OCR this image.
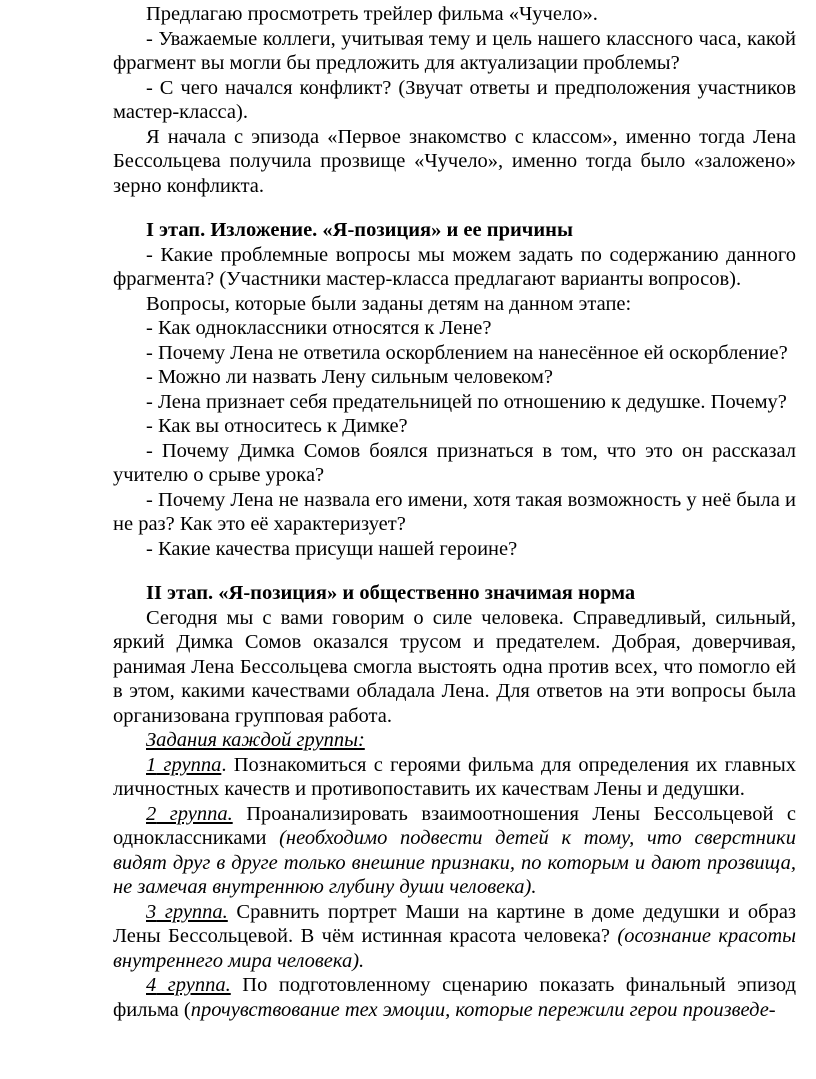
Предлагаю просмотреть трейлер фильма «Чучело».

- Уважаемые коллеги, учитывая тему и цель нашего классного часа, какой фрагмент вы могли бы предложить для актуализации проблемы?

- С чего начался конфликт? (Звучат ответы и предположения участников мастер-класса).

Я начала с эпизода «Первое знакомство с классом», именно тогда Лена Бессольцева получила прозвище «Чучело», именно тогда было «заложено» зерно конфликта.

I этап. Изложение. «Я-позиция» и ее причины

- Какие проблемные вопросы мы можем задать по содержанию данного фрагмента? (Участники мастер-класса предлагают варианты вопросов).

Вопросы, которые были заданы детям на данном этапе:

- Как одноклассники относятся к Лене?

- Почему Лена не ответила оскорблением на нанесённое ей оскорбление?

- Можно ли назвать Лену сильным человеком?

- Лена признает себя предательницей по отношению к дедушке. Почему?

- Как вы относитесь к Димке?

- Почему Димка Сомов боялся признаться в том, что это он рассказал учителю о срыве урока?

- Почему Лена не назвала его имени, хотя такая возможность у неё была и не раз? Как это её характеризует?

- Какие качества присущи нашей героине?

II этап. «Я-позиция» и общественно значимая норма

Сегодня мы с вами говорим о силе человека. Справедливый, сильный, яркий Димка Сомов оказался трусом и предателем. Добрая, доверчивая, ранимая Лена Бессольцева смогла выстоять одна против всех, что помогло ей в этом, какими качествами обладала Лена. Для ответов на эти вопросы была организована групповая работа.

Задания каждой группы:

1 группа. Познакомиться с героями фильма для определения их главных личностных качеств и противопоставить их качествам Лены и дедушки.

2 группа. Проанализировать взаимоотношения Лены Бессольцевой с одноклассниками (необходимо подвести детей к тому, что сверстники видят друг в друге только внешние признаки, по которым и дают прозвища, не замечая внутреннюю глубину души человека).

3 группа. Сравнить портрет Маши на картине в доме дедушки и образ Лены Бессольцевой. В чём истинная красота человека? (осознание красоты внутреннего мира человека).

4 группа. По подготовленному сценарию показать финальный эпизод фильма (прочувствование тех эмоции, которые пережили герои произведе-
